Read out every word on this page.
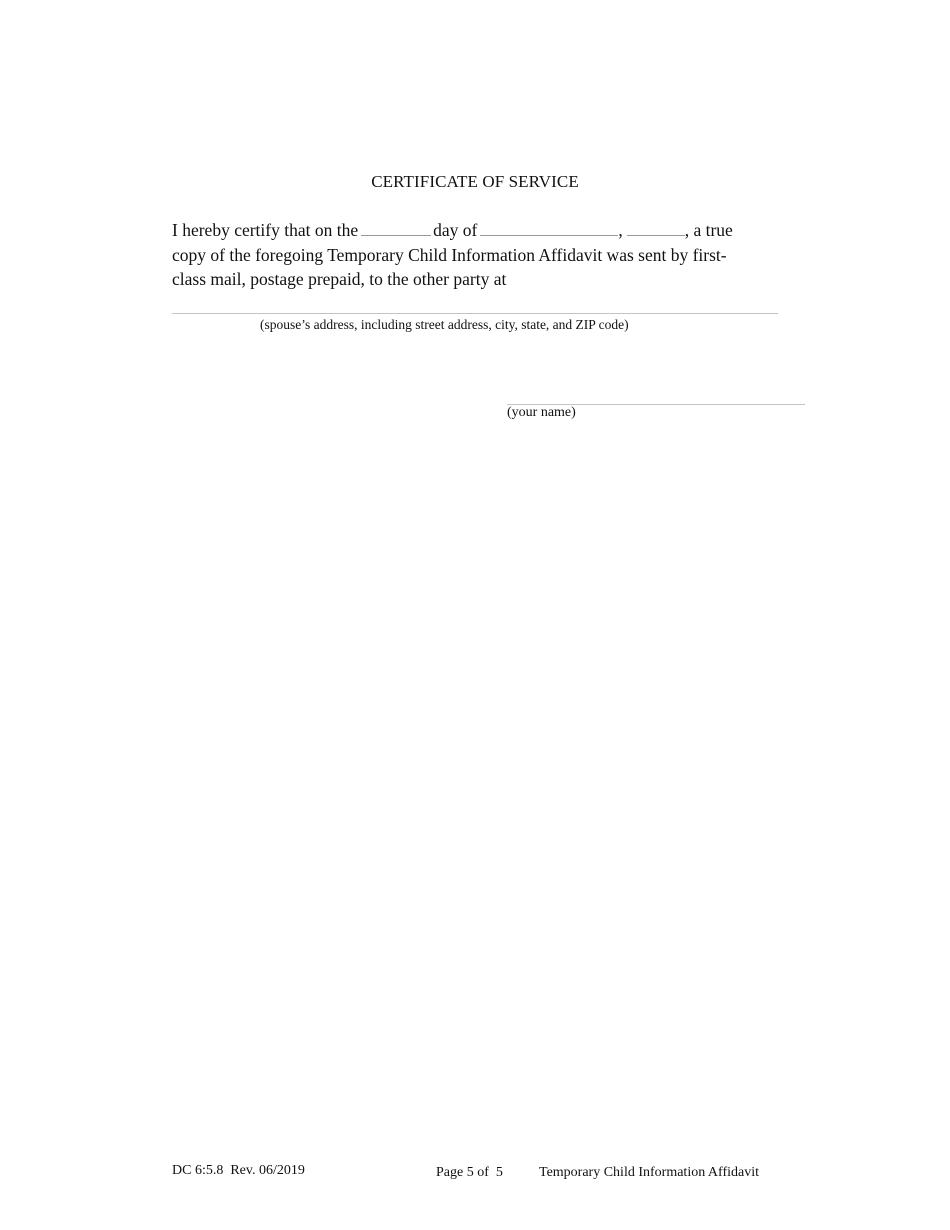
CERTIFICATE OF SERVICE
I hereby certify that on the	day of	,	, a true
copy of the foregoing Temporary Child Information Affidavit was sent by first-
class mail, postage prepaid, to the other party at
(spouse’s address, including street address, city, state, and ZIP code)
(your name)
DC 6:5.8  Rev. 06/2019	Page 5 of  5	Temporary Child Information Affidavit
